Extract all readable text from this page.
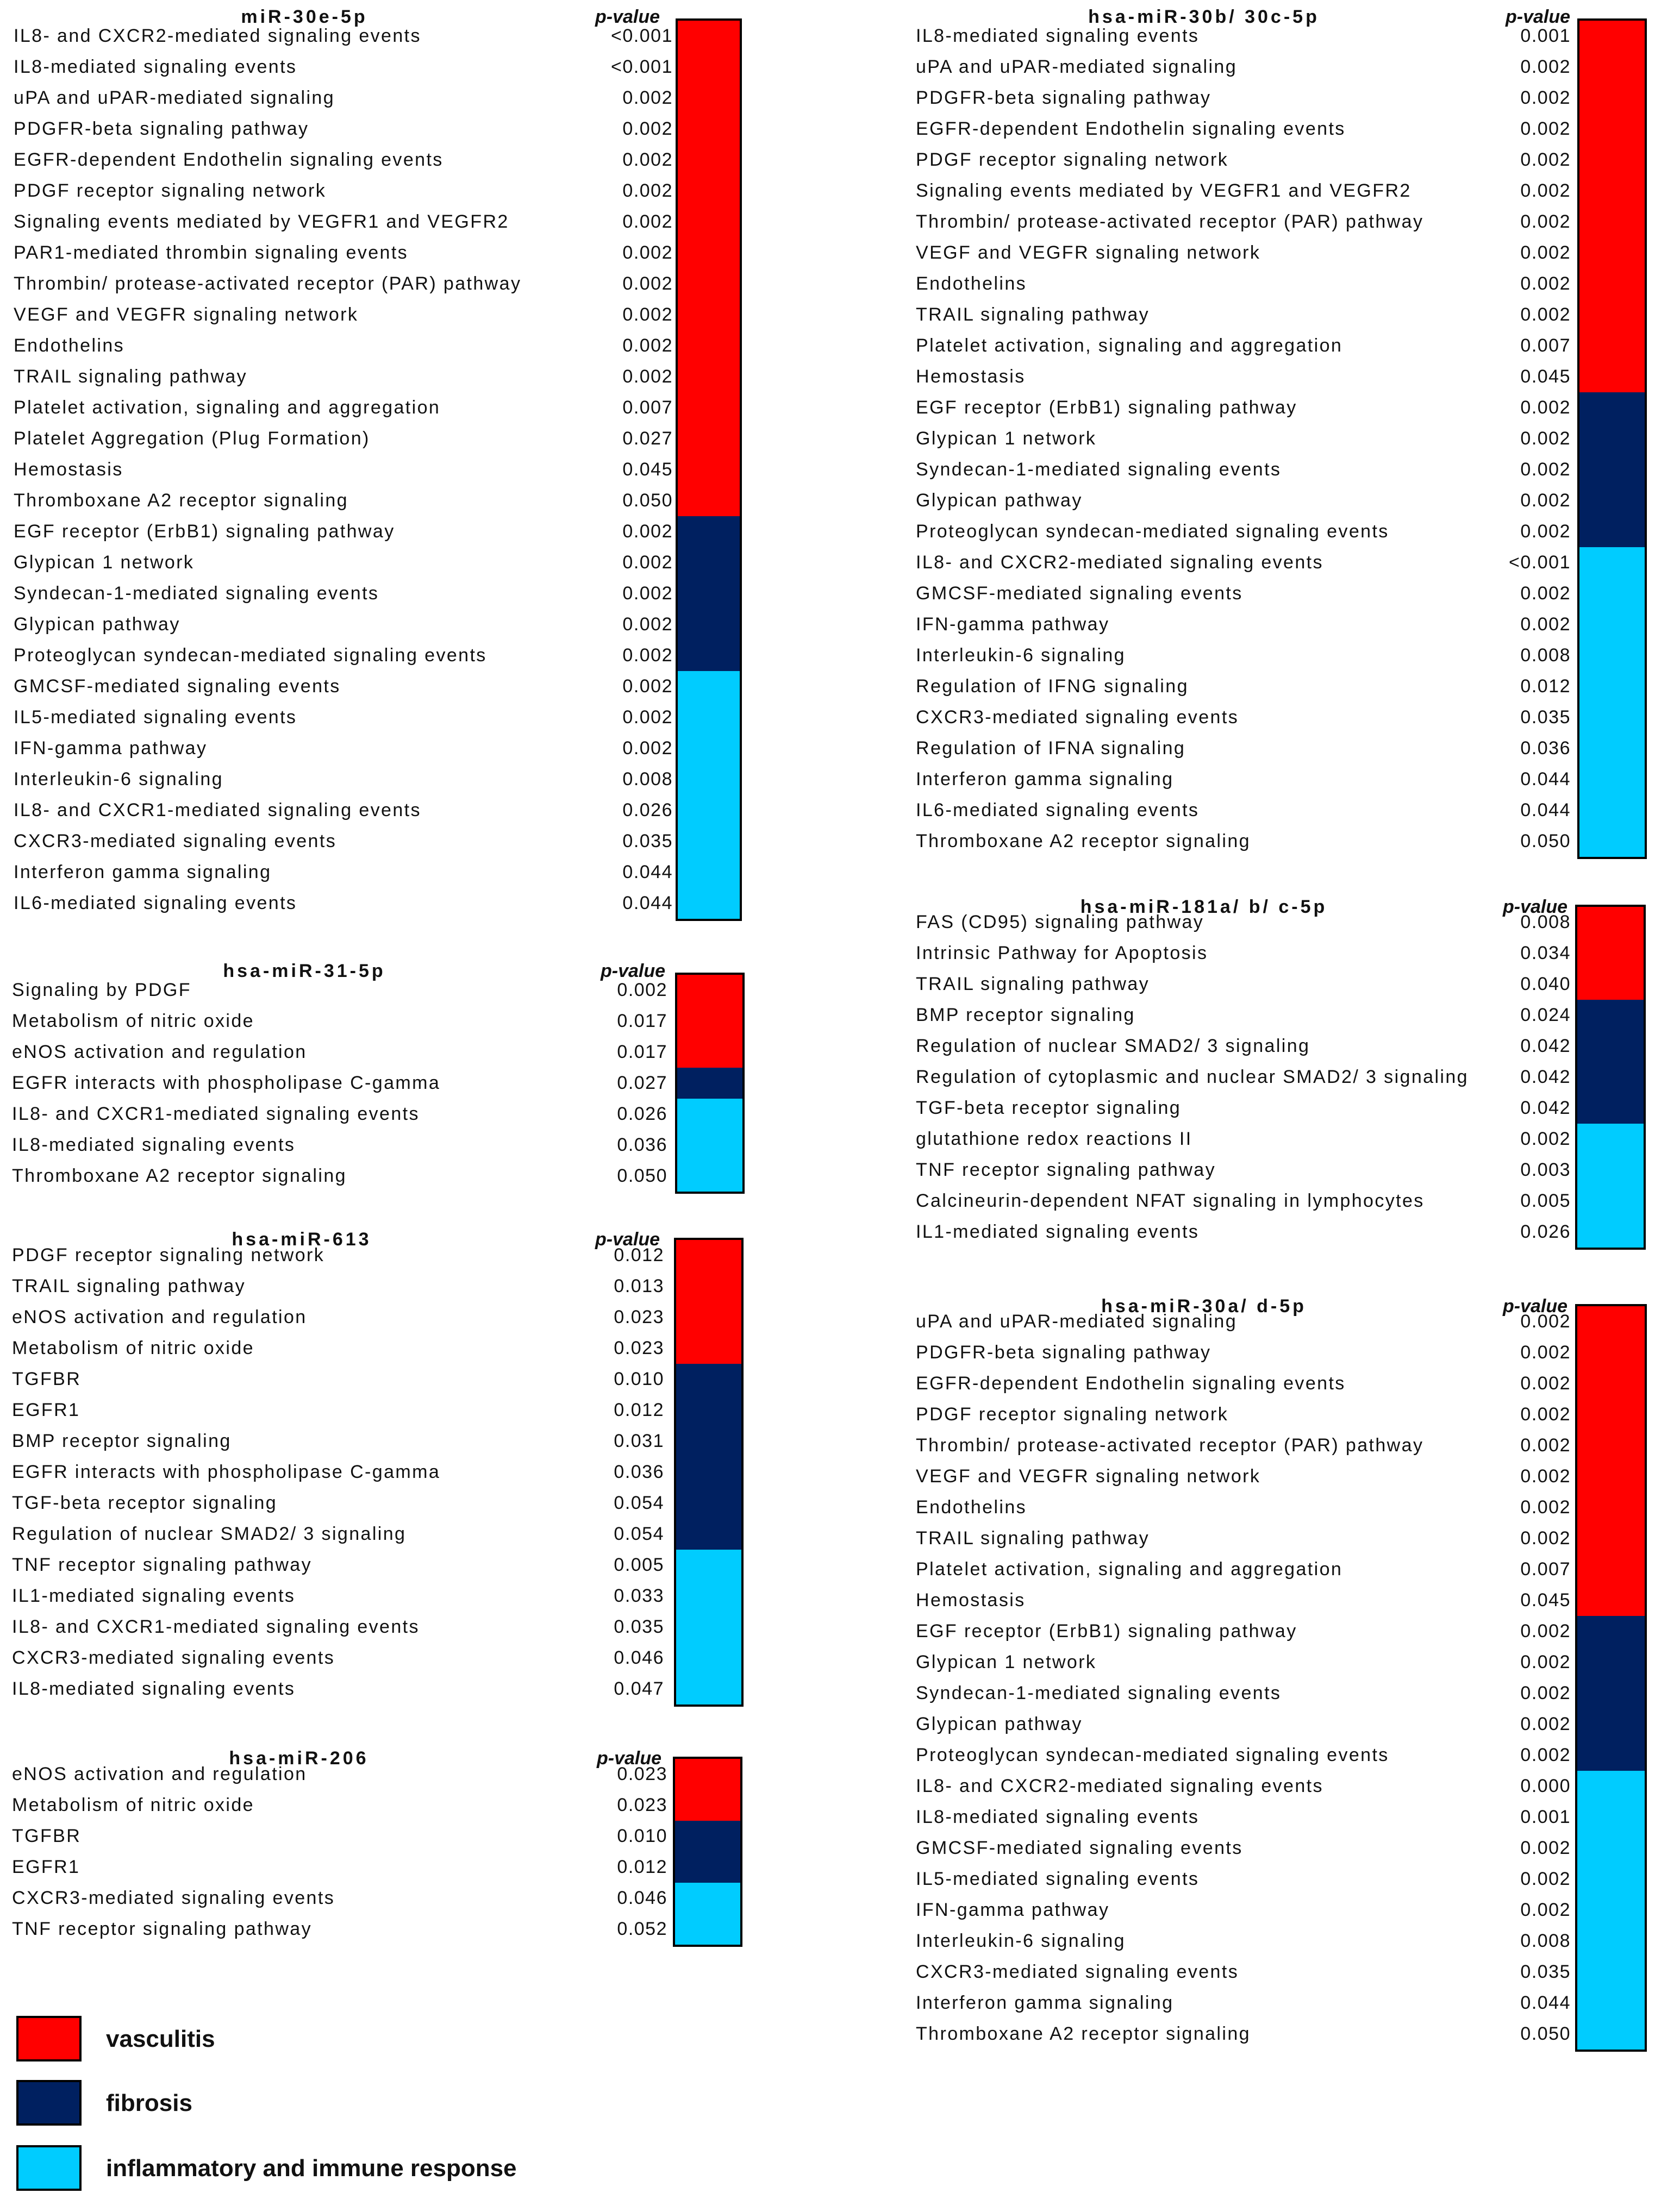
miR-30e-5p	p-value
IL8- and CXCR2-mediated signaling events	<0.001
IL8-mediated signaling events	<0.001
uPA and uPAR-mediated signaling	0.002
PDGFR-beta signaling pathway	0.002
EGFR-dependent Endothelin signaling events	0.002
PDGF receptor signaling network	0.002
Signaling events mediated by VEGFR1 and VEGFR2	0.002
PAR1-mediated thrombin signaling events	0.002
Thrombin/ protease-activated receptor (PAR) pathway	0.002
VEGF and VEGFR signaling network	0.002
Endothelins	0.002
TRAIL signaling pathway	0.002
Platelet activation, signaling and aggregation	0.007
Platelet Aggregation (Plug Formation)	0.027
Hemostasis	0.045
Thromboxane A2 receptor signaling	0.050
EGF receptor (ErbB1) signaling pathway	0.002
Glypican 1 network	0.002
Syndecan-1-mediated signaling events	0.002
Glypican pathway	0.002
Proteoglycan syndecan-mediated signaling events	0.002
GMCSF-mediated signaling events	0.002
IL5-mediated signaling events	0.002
IFN-gamma pathway	0.002
Interleukin-6 signaling	0.008
IL8- and CXCR1-mediated signaling events	0.026
CXCR3-mediated signaling events	0.035
Interferon gamma signaling	0.044
IL6-mediated signaling events	0.044
hsa-miR-31-5p	p-value
Signaling by PDGF	0.002
Metabolism of nitric oxide	0.017
eNOS activation and regulation	0.017
EGFR interacts with phospholipase C-gamma	0.027
IL8- and CXCR1-mediated signaling events	0.026
IL8-mediated signaling events	0.036
Thromboxane A2 receptor signaling	0.050
hsa-miR-613	p-value
PDGF receptor signaling network	0.012
TRAIL signaling pathway	0.013
eNOS activation and regulation	0.023
Metabolism of nitric oxide	0.023
TGFBR	0.010
EGFR1	0.012
BMP receptor signaling	0.031
EGFR interacts with phospholipase C-gamma	0.036
TGF-beta receptor signaling	0.054
Regulation of nuclear SMAD2/ 3 signaling	0.054
TNF receptor signaling pathway	0.005
IL1-mediated signaling events	0.033
IL8- and CXCR1-mediated signaling events	0.035
CXCR3-mediated signaling events	0.046
IL8-mediated signaling events	0.047
hsa-miR-206	p-value
eNOS activation and regulation	0.023
Metabolism of nitric oxide	0.023
TGFBR	0.010
EGFR1	0.012
CXCR3-mediated signaling events	0.046
TNF receptor signaling pathway	0.052
hsa-miR-30b/ 30c-5p	p-value
IL8-mediated signaling events	0.001
uPA and uPAR-mediated signaling	0.002
PDGFR-beta signaling pathway	0.002
EGFR-dependent Endothelin signaling events	0.002
PDGF receptor signaling network	0.002
Signaling events mediated by VEGFR1 and VEGFR2	0.002
Thrombin/ protease-activated receptor (PAR) pathway	0.002
VEGF and VEGFR signaling network	0.002
Endothelins	0.002
TRAIL signaling pathway	0.002
Platelet activation, signaling and aggregation	0.007
Hemostasis	0.045
EGF receptor (ErbB1) signaling pathway	0.002
Glypican 1 network	0.002
Syndecan-1-mediated signaling events	0.002
Glypican pathway	0.002
Proteoglycan syndecan-mediated signaling events	0.002
IL8- and CXCR2-mediated signaling events	<0.001
GMCSF-mediated signaling events	0.002
IFN-gamma pathway	0.002
Interleukin-6 signaling	0.008
Regulation of IFNG signaling	0.012
CXCR3-mediated signaling events	0.035
Regulation of IFNA signaling	0.036
Interferon gamma signaling	0.044
IL6-mediated signaling events	0.044
Thromboxane A2 receptor signaling	0.050
hsa-miR-181a/ b/ c-5p	p-value
FAS (CD95) signaling pathway	0.008
Intrinsic Pathway for Apoptosis	0.034
TRAIL signaling pathway	0.040
BMP receptor signaling	0.024
Regulation of nuclear SMAD2/ 3 signaling	0.042
Regulation of cytoplasmic and nuclear SMAD2/ 3 signaling	0.042
TGF-beta receptor signaling	0.042
glutathione redox reactions II	0.002
TNF receptor signaling pathway	0.003
Calcineurin-dependent NFAT signaling in lymphocytes	0.005
IL1-mediated signaling events	0.026
hsa-miR-30a/ d-5p	p-value
uPA and uPAR-mediated signaling	0.002
PDGFR-beta signaling pathway	0.002
EGFR-dependent Endothelin signaling events	0.002
PDGF receptor signaling network	0.002
Thrombin/ protease-activated receptor (PAR) pathway	0.002
VEGF and VEGFR signaling network	0.002
Endothelins	0.002
TRAIL signaling pathway	0.002
Platelet activation, signaling and aggregation	0.007
Hemostasis	0.045
EGF receptor (ErbB1) signaling pathway	0.002
Glypican 1 network	0.002
Syndecan-1-mediated signaling events	0.002
Glypican pathway	0.002
Proteoglycan syndecan-mediated signaling events	0.002
IL8- and CXCR2-mediated signaling events	0.000
IL8-mediated signaling events	0.001
GMCSF-mediated signaling events	0.002
IL5-mediated signaling events	0.002
IFN-gamma pathway	0.002
Interleukin-6 signaling	0.008
CXCR3-mediated signaling events	0.035
Interferon gamma signaling	0.044
Thromboxane A2 receptor signaling	0.050
vasculitis
fibrosis
inflammatory and immune response
